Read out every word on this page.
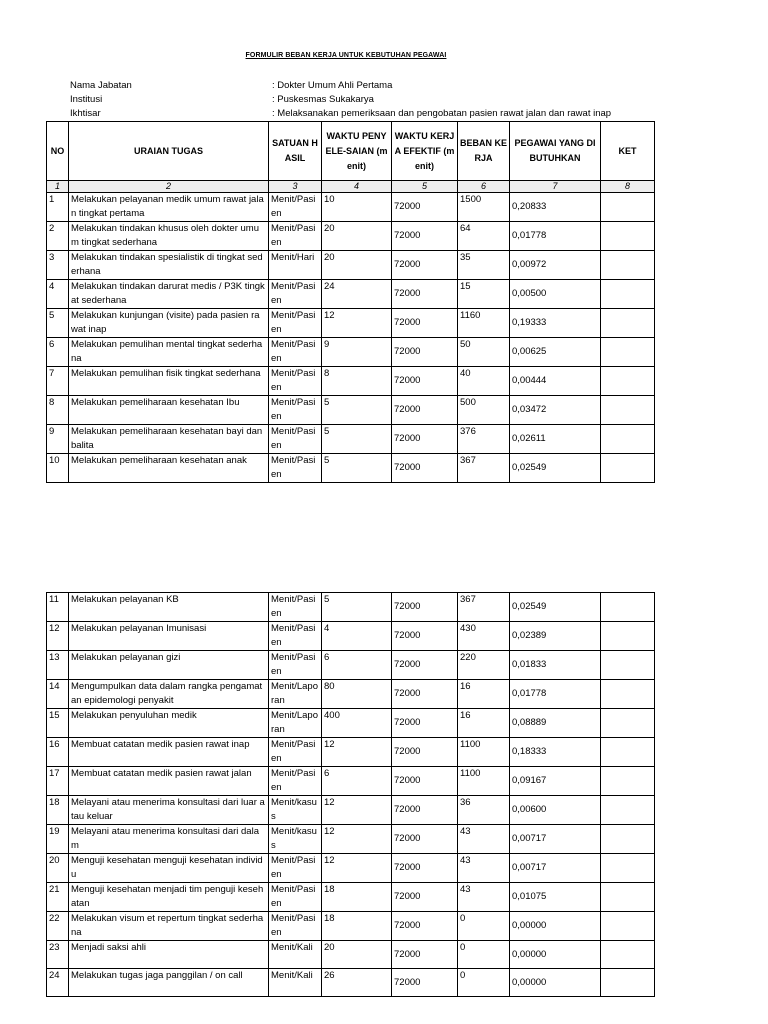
FORMULIR BEBAN KERJA UNTUK KEBUTUHAN PEGAWAI
Nama Jabatan	: Dokter Umum Ahli Pertama
Institusi	: Puskesmas Sukakarya
Ikhtisar	: Melaksanakan pemeriksaan dan pengobatan pasien rawat jalan dan rawat inap
NO	URAIAN TUGAS	SATUAN HASIL	WAKTU PENYELE-SAIAN (menit)	WAKTU KERJA EFEKTIF (menit)	BEBAN KERJA	PEGAWAI YANG DIBUTUHKAN	KET
1	2	3	4	5	6	7	8
1	Melakukan pelayanan medik umum rawat jalan tingkat pertama	Menit/Pasien	10	72000	1500	0,20833	
2	Melakukan tindakan khusus oleh dokter umum tingkat sederhana	Menit/Pasien	20	72000	64	0,01778	
3	Melakukan tindakan spesialistik di tingkat sederhana	Menit/Hari	20	72000	35	0,00972	
4	Melakukan tindakan darurat medis / P3K tingkat sederhana	Menit/Pasien	24	72000	15	0,00500	
5	Melakukan kunjungan (visite) pada pasien rawat inap	Menit/Pasien	12	72000	1160	0,19333	
6	Melakukan pemulihan mental tingkat sederhana	Menit/Pasien	9	72000	50	0,00625	
7	Melakukan pemulihan fisik tingkat sederhana	Menit/Pasien	8	72000	40	0,00444	
8	Melakukan pemeliharaan kesehatan Ibu	Menit/Pasien	5	72000	500	0,03472	
9	Melakukan pemeliharaan kesehatan bayi dan balita	Menit/Pasien	5	72000	376	0,02611	
10	Melakukan pemeliharaan kesehatan anak	Menit/Pasien	5	72000	367	0,02549	
11	Melakukan pelayanan KB	Menit/Pasien	5	72000	367	0,02549	
12	Melakukan pelayanan Imunisasi	Menit/Pasien	4	72000	430	0,02389	
13	Melakukan pelayanan gizi	Menit/Pasien	6	72000	220	0,01833	
14	Mengumpulkan data dalam rangka pengamatan epidemologi penyakit	Menit/Laporan	80	72000	16	0,01778	
15	Melakukan penyuluhan medik	Menit/Laporan	400	72000	16	0,08889	
16	Membuat catatan medik pasien rawat inap	Menit/Pasien	12	72000	1100	0,18333	
17	Membuat catatan medik pasien rawat jalan	Menit/Pasien	6	72000	1100	0,09167	
18	Melayani atau menerima konsultasi dari luar atau keluar	Menit/kasus	12	72000	36	0,00600	
19	Melayani atau menerima konsultasi dari dalam	Menit/kasus	12	72000	43	0,00717	
20	Menguji kesehatan menguji kesehatan individu	Menit/Pasien	12	72000	43	0,00717	
21	Menguji kesehatan menjadi tim penguji kesehatan	Menit/Pasien	18	72000	43	0,01075	
22	Melakukan visum et repertum tingkat sederhana	Menit/Pasien	18	72000	0	0,00000	
23	Menjadi saksi ahli	Menit/Kali	20	72000	0	0,00000	
24	Melakukan tugas jaga panggilan / on call	Menit/Kali	26	72000	0	0,00000	
